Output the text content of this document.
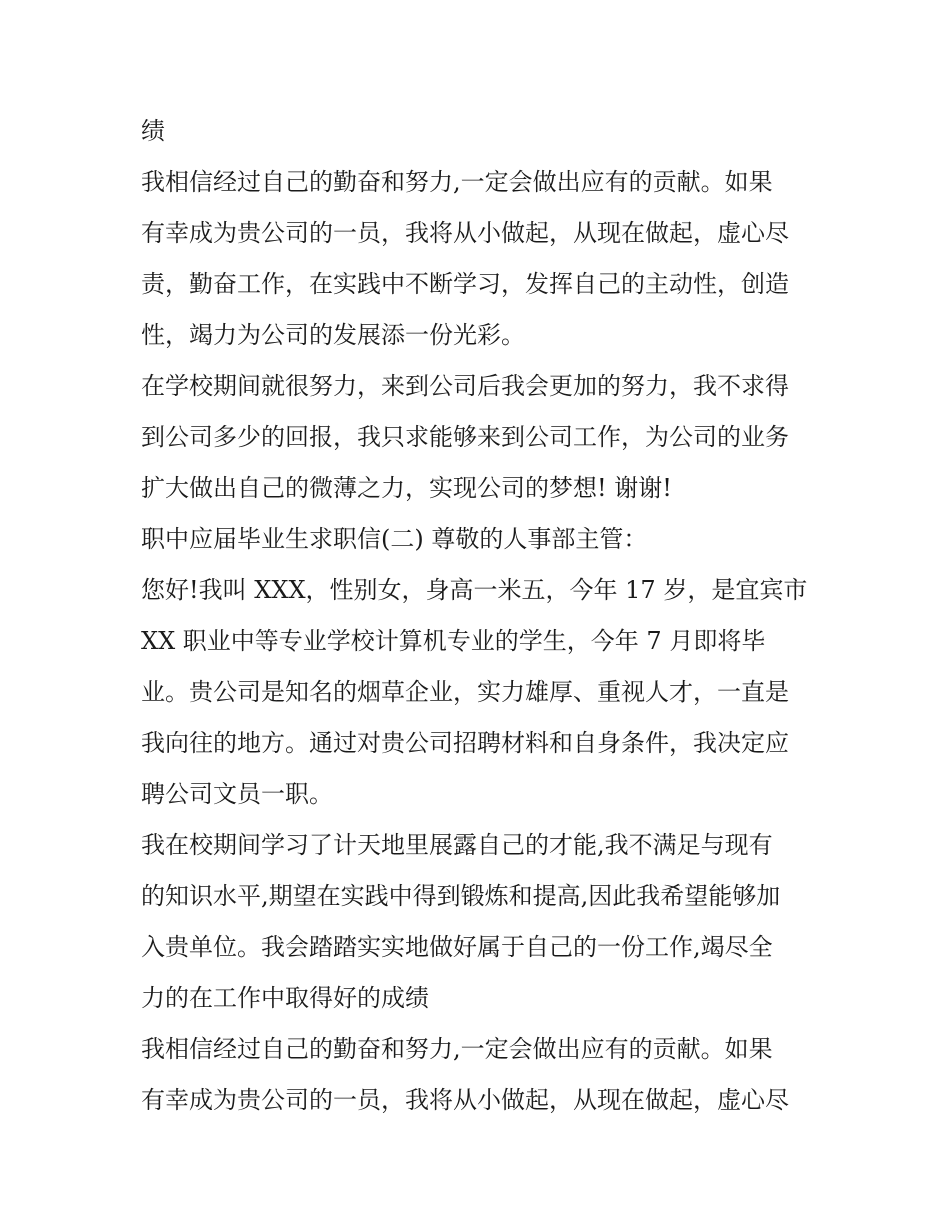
绩
我相信经过自己的勤奋和努力,一定会做出应有的贡献。如果
有幸成为贵公司的一员，我将从小做起，从现在做起，虚心尽
责，勤奋工作，在实践中不断学习，发挥自己的主动性，创造
性，竭力为公司的发展添一份光彩。
在学校期间就很努力，来到公司后我会更加的努力，我不求得
到公司多少的回报，我只求能够来到公司工作，为公司的业务
扩大做出自己的微薄之力，实现公司的梦想! 谢谢!
职中应届毕业生求职信(二) 尊敬的人事部主管：
您好!我叫 XXX，性别女，身高一米五，今年 17 岁，是宜宾市
XX 职业中等专业学校计算机专业的学生，今年 7 月即将毕
业。贵公司是知名的烟草企业，实力雄厚、重视人才，一直是
我向往的地方。通过对贵公司招聘材料和自身条件，我决定应
聘公司文员一职。
我在校期间学习了计天地里展露自己的才能,我不满足与现有
的知识水平,期望在实践中得到锻炼和提高,因此我希望能够加
入贵单位。我会踏踏实实地做好属于自己的一份工作,竭尽全
力的在工作中取得好的成绩
我相信经过自己的勤奋和努力,一定会做出应有的贡献。如果
有幸成为贵公司的一员，我将从小做起，从现在做起，虚心尽
